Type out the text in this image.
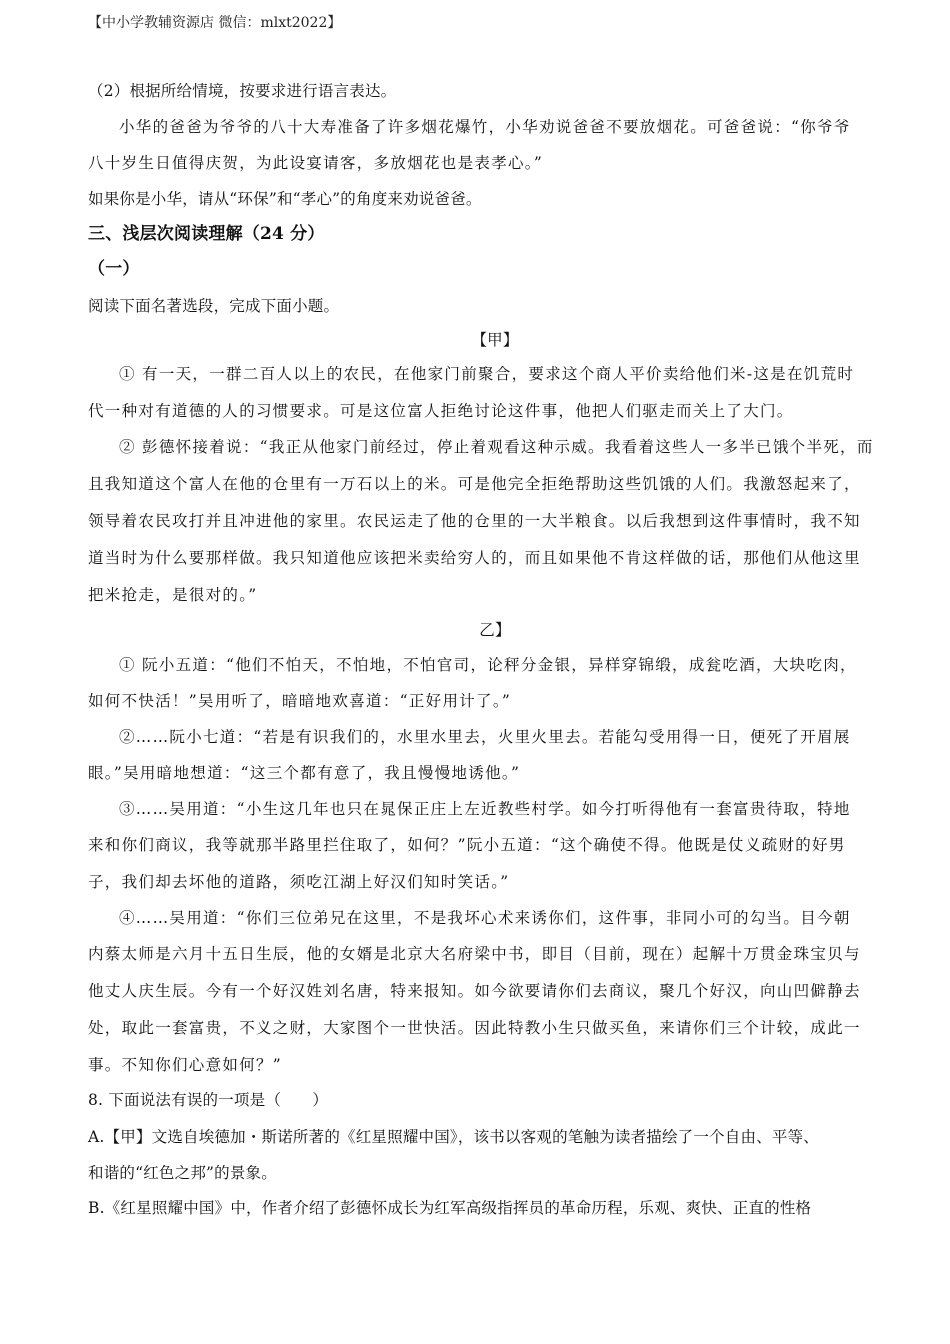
【中小学教辅资源店 微信：mlxt2022】
（2）根据所给情境，按要求进行语言表达。
小华的爸爸为爷爷的八十大寿准备了许多烟花爆竹，小华劝说爸爸不要放烟花。可爸爸说：“你爷爷
八十岁生日值得庆贺，为此设宴请客，多放烟花也是表孝心。”
如果你是小华，请从“环保”和“孝心”的角度来劝说爸爸。
三、浅层次阅读理解（24 分）
（一）
阅读下面名著选段，完成下面小题。
【甲】
① 有一天，一群二百人以上的农民，在他家门前聚合，要求这个商人平价卖给他们米-这是在饥荒时
代一种对有道德的人的习惯要求。可是这位富人拒绝讨论这件事，他把人们驱走而关上了大门。
② 彭德怀接着说：“我正从他家门前经过，停止着观看这种示威。我看着这些人一多半已饿个半死，而
且我知道这个富人在他的仓里有一万石以上的米。可是他完全拒绝帮助这些饥饿的人们。我激怒起来了，
领导着农民攻打并且冲进他的家里。农民运走了他的仓里的一大半粮食。以后我想到这件事情时，我不知
道当时为什么要那样做。我只知道他应该把米卖给穷人的，而且如果他不肯这样做的话，那他们从他这里
把米抢走，是很对的。”
乙】
① 阮小五道：“他们不怕天，不怕地，不怕官司，论秤分金银，异样穿锦缎，成瓮吃酒，大块吃肉，
如何不快活！”吴用听了，暗暗地欢喜道：“正好用计了。”
②……阮小七道：“若是有识我们的，水里水里去，火里火里去。若能勾受用得一日，便死了开眉展
眼。”吴用暗地想道：“这三个都有意了，我且慢慢地诱他。”
③……吴用道：“小生这几年也只在晁保正庄上左近教些村学。如今打听得他有一套富贵待取，特地
来和你们商议，我等就那半路里拦住取了，如何？”阮小五道：“这个确使不得。他既是仗义疏财的好男
子，我们却去坏他的道路，须吃江湖上好汉们知时笑话。”
④……吴用道：“你们三位弟兄在这里，不是我坏心术来诱你们，这件事，非同小可的勾当。目今朝
内蔡太师是六月十五日生辰，他的女婿是北京大名府梁中书，即目（目前，现在）起解十万贯金珠宝贝与
他丈人庆生辰。今有一个好汉姓刘名唐，特来报知。如今欲要请你们去商议，聚几个好汉，向山凹僻静去
处，取此一套富贵，不义之财，大家图个一世快活。因此特教小生只做买鱼，来请你们三个计较，成此一
事。不知你们心意如何？”
8. 下面说法有误的一项是（　　）
A.【甲】文选自埃德加・斯诺所著的《红星照耀中国》，该书以客观的笔触为读者描绘了一个自由、平等、
和谐的“红色之邦”的景象。
B.《红星照耀中国》中，作者介绍了彭德怀成长为红军高级指挥员的革命历程，乐观、爽快、正直的性格
